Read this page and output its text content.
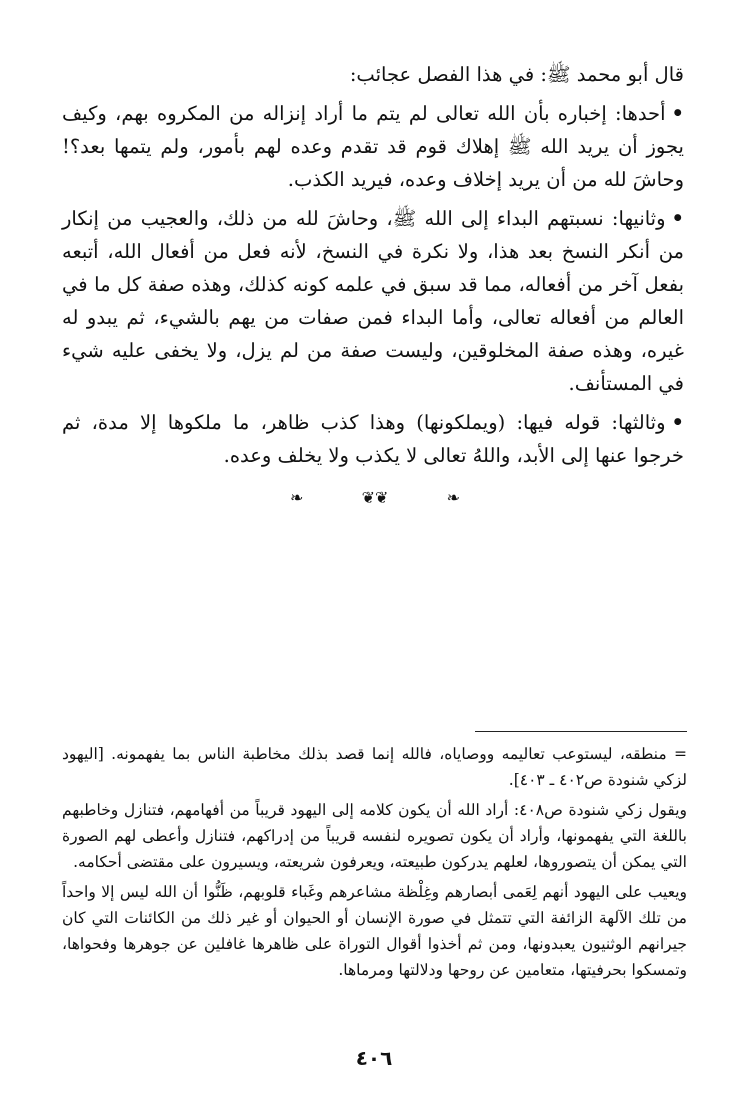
قال أبو محمد ﷺ: في هذا الفصل عجائب:

•أحدها: إخباره بأن الله تعالى لم يتم ما أراد إنزاله من المكروه بهم، وكيف يجوز أن يريد الله ﷺ إهلاك قوم قد تقدم وعده لهم بأمور، ولم يتمها بعد؟! وحاشَ لله من أن يريد إخلاف وعده، فيريد الكذب.

•وثانيها: نسبتهم البداء إلى الله ﷺ، وحاشَ لله من ذلك، والعجيب من إنكار من أنكر النسخ بعد هذا، ولا نكرة في النسخ، لأنه فعل من أفعال الله، أتبعه بفعل آخر من أفعاله، مما قد سبق في علمه كونه كذلك، وهذه صفة كل ما في العالم من أفعاله تعالى، وأما البداء فمن صفات من يهم بالشيء، ثم يبدو له غيره، وهذه صفة المخلوقين، وليست صفة من لم يزل، ولا يخفى عليه شيء في المستأنف.

•وثالثها: قوله فيها: (ويملكونها) وهذا كذب ظاهر، ما ملكوها إلا مدة، ثم خرجوا عنها إلى الأبد، واللهُ تعالى لا يكذب ولا يخلف وعده.

❧	❦❦	❧

= منطقه، ليستوعب تعاليمه ووصاياه، فالله إنما قصد بذلك مخاطبة الناس بما يفهمونه. [اليهود لزكي شنودة ص٤٠٢ ـ ٤٠٣].

ويقول زكي شنودة ص٤٠٨: أراد الله أن يكون كلامه إلى اليهود قريباً من أفهامهم، فتنازل وخاطبهم باللغة التي يفهمونها، وأراد أن يكون تصويره لنفسه قريباً من إدراكهم، فتنازل وأعطى لهم الصورة التي يمكن أن يتصوروها، لعلهم يدركون طبيعته، ويعرفون شريعته، ويسيرون على مقتضى أحكامه.

ويعيب على اليهود أنهم لِعَمى أبصارهم وغِلْظة مشاعرهم وغَباء قلوبهم، ظَنُّوا أن الله ليس إلا واحداً من تلك الآلهة الزائفة التي تتمثل في صورة الإنسان أو الحيوان أو غير ذلك من الكائنات التي كان جيرانهم الوثنيون يعبدونها، ومن ثم أخذوا أقوال التوراة على ظاهرها غافلين عن جوهرها وفحواها، وتمسكوا بحرفيتها، متعامين عن روحها ودلالتها ومرماها.

٤٠٦
